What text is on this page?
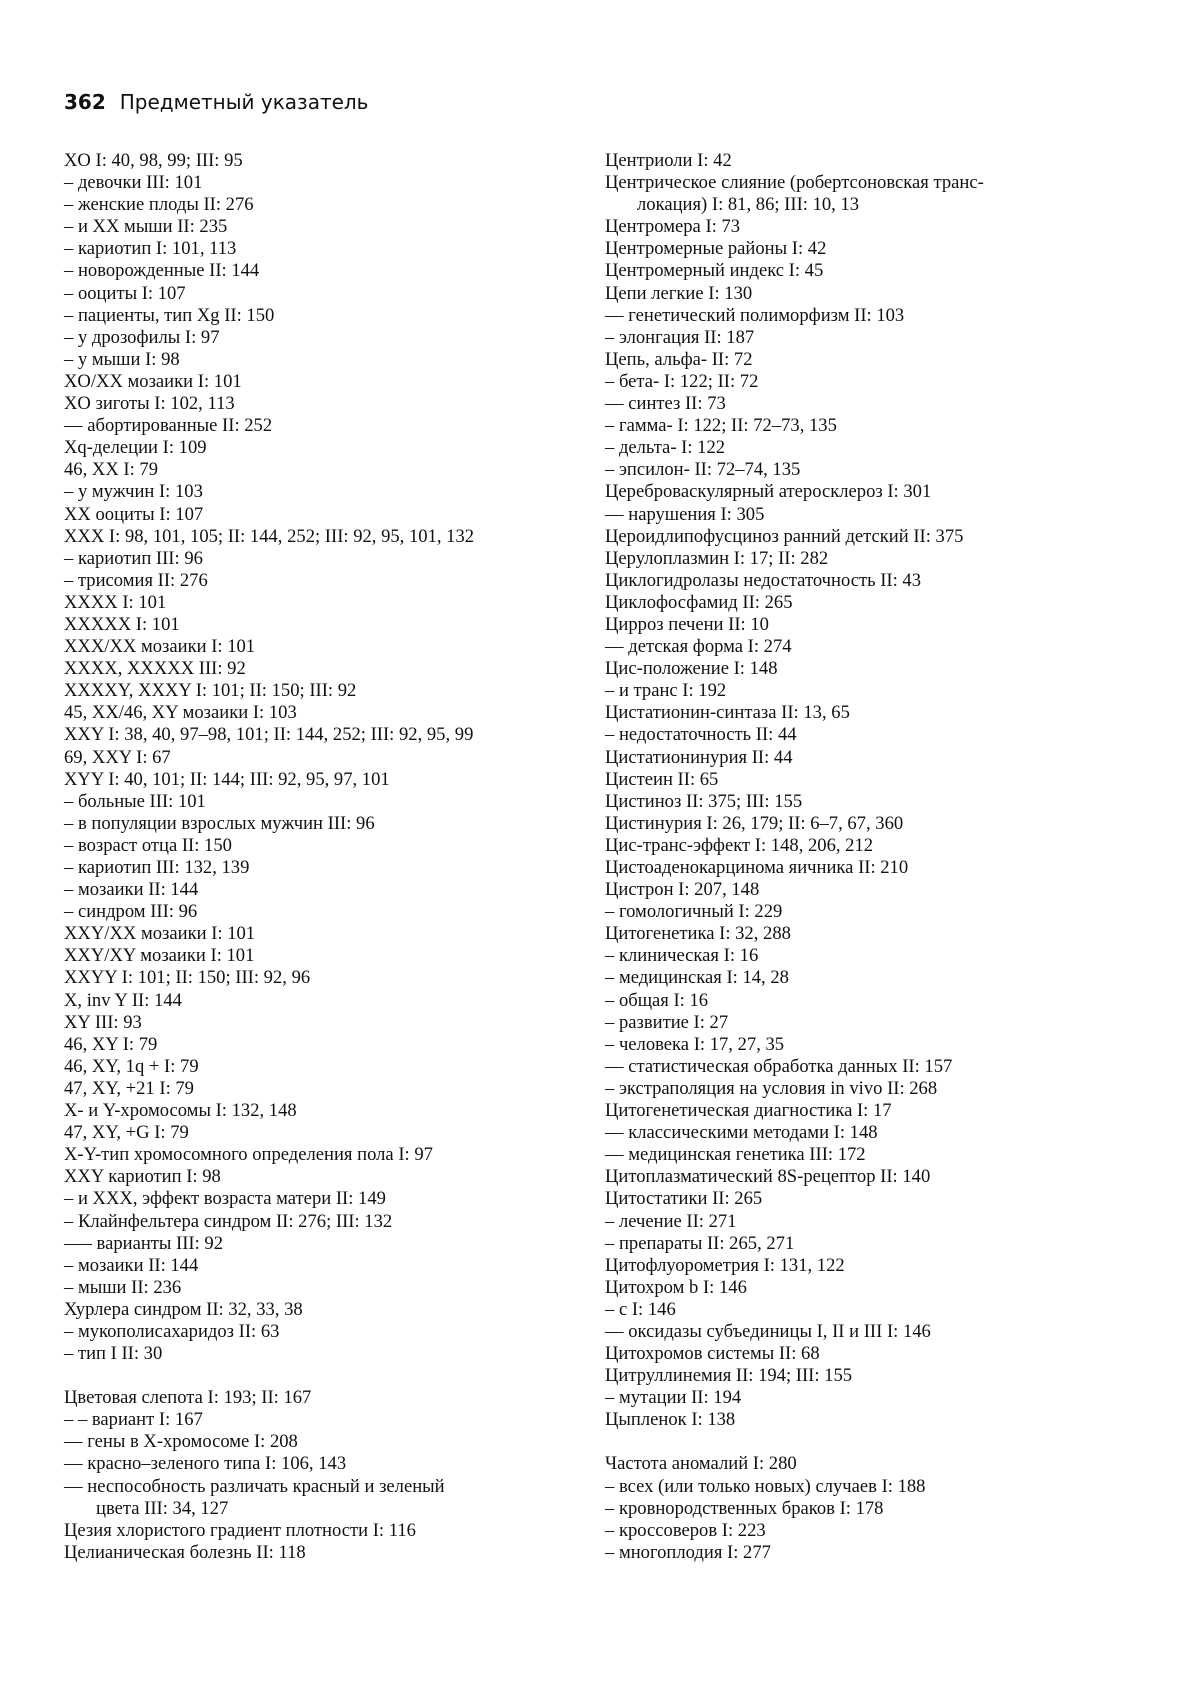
362 Предметный указатель
XO I: 40, 98, 99; III: 95
– девочки III: 101
– женские плоды II: 276
– и XX мыши II: 235
– кариотип I: 101, 113
– новорожденные II: 144
– ооциты I: 107
– пациенты, тип Xg II: 150
– у дрозофилы I: 97
– у мыши I: 98
XO/XX мозаики I: 101
XO зиготы I: 102, 113
–– абортированные II: 252
Xq-делеции I: 109
46, XX I: 79
– у мужчин I: 103
XX ооциты I: 107
XXX I: 98, 101, 105; II: 144, 252; III: 92, 95, 101, 132
– кариотип III: 96
– трисомия II: 276
XXXX I: 101
XXXXX I: 101
XXX/XX мозаики I: 101
XXXX, XXXXX III: 92
XXXXY, XXXY I: 101; II: 150; III: 92
45, XX/46, XY мозаики I: 103
XXY I: 38, 40, 97–98, 101; II: 144, 252; III: 92, 95, 99
69, XXY I: 67
XYY I: 40, 101; II: 144; III: 92, 95, 97, 101
– больные III: 101
– в популяции взрослых мужчин III: 96
– возраст отца II: 150
– кариотип III: 132, 139
– мозаики II: 144
– синдром III: 96
XXY/XX мозаики I: 101
XXY/XY мозаики I: 101
XXYY I: 101; II: 150; III: 92, 96
X, inv Y II: 144
XY III: 93
46, XY I: 79
46, XY, 1q + I: 79
47, XY, +21 I: 79
X- и Y-хромосомы I: 132, 148
47, XY, +G I: 79
X-Y-тип хромосомного определения пола I: 97
XXY кариотип I: 98
– и XXX, эффект возраста матери II: 149
– Клайнфельтера синдром II: 276; III: 132
––– варианты III: 92
– мозаики II: 144
– мыши II: 236
Хурлера синдром II: 32, 33, 38
– мукополисахаридоз II: 63
– тип I II: 30
Цветовая слепота I: 193; II: 167
– – вариант I: 167
–– гены в X-хромосоме I: 208
–– красно–зеленого типа I: 106, 143
–– неспособность различать красный и зеленый
цвета III: 34, 127
Цезия хлористого градиент плотности I: 116
Целианическая болезнь II: 118
Центриоли I: 42
Центрическое слияние (робертсоновская транс-
локация) I: 81, 86; III: 10, 13
Центромера I: 73
Центромерные районы I: 42
Центромерный индекс I: 45
Цепи легкие I: 130
–– генетический полиморфизм II: 103
– элонгация II: 187
Цепь, альфа- II: 72
– бета- I: 122; II: 72
–– синтез II: 73
– гамма- I: 122; II: 72–73, 135
– дельта- I: 122
– эпсилон- II: 72–74, 135
Цереброваскулярный атеросклероз I: 301
–– нарушения I: 305
Цероидлипофусциноз ранний детский II: 375
Церулоплазмин I: 17; II: 282
Циклогидролазы недостаточность II: 43
Циклофосфамид II: 265
Цирроз печени II: 10
–– детская форма I: 274
Цис-положение I: 148
– и транс I: 192
Цистатионин-синтаза II: 13, 65
– недостаточность II: 44
Цистатионинурия II: 44
Цистеин II: 65
Цистиноз II: 375; III: 155
Цистинурия I: 26, 179; II: 6–7, 67, 360
Цис-транс-эффект I: 148, 206, 212
Цистоаденокарцинома яичника II: 210
Цистрон I: 207, 148
– гомологичный I: 229
Цитогенетика I: 32, 288
– клиническая I: 16
– медицинская I: 14, 28
– общая I: 16
– развитие I: 27
– человека I: 17, 27, 35
–– статистическая обработка данных II: 157
– экстраполяция на условия in vivo II: 268
Цитогенетическая диагностика I: 17
–– классическими методами I: 148
–– медицинская генетика III: 172
Цитоплазматический 8S-рецептор II: 140
Цитостатики II: 265
– лечение II: 271
– препараты II: 265, 271
Цитофлуорометрия I: 131, 122
Цитохром b I: 146
– c I: 146
–– оксидазы субъединицы I, II и III I: 146
Цитохромов системы II: 68
Цитруллинемия II: 194; III: 155
– мутации II: 194
Цыпленок I: 138
Частота аномалий I: 280
– всех (или только новых) случаев I: 188
– кровнородственных браков I: 178
– кроссоверов I: 223
– многоплодия I: 277
